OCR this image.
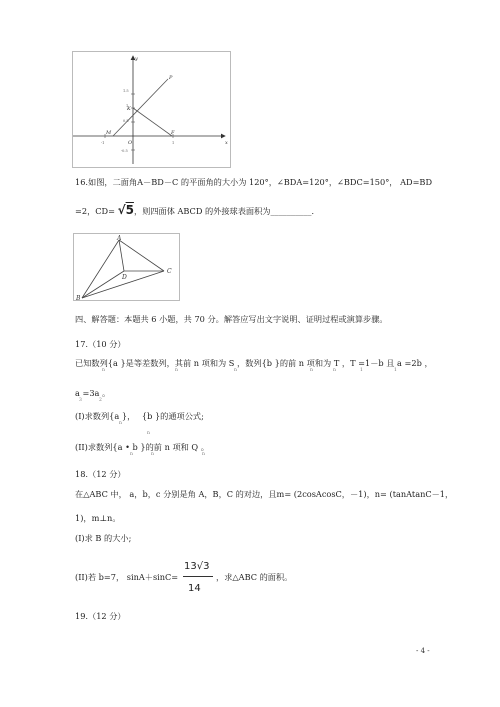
y
x
P
K
M
O
F
1.5
1
0.5
-0.5
-1	1
16.如图，二面角A－BD－C 的平面角的大小为 120°，∠BDA=120°，∠BDC=150°， AD=BD
=2，CD= √5，则四面体 ABCD 的外接球表面积为__________．
A
B
C
D
四、解答题：本题共 6 小题，共 70 分。解答应写出文字说明、证明过程或演算步骤。
17.（10 分）
已知数列{a }是等差数列，其前 n 项和为 S ，数列{b }的前 n 项和为 T ，T =1－b 且 a =2b ，
n	n	n	n	n	1	1
a =3a 。
3	2
(I)求数列{a }， {b }的通项公式;
n
n
(II)求数列{a • b }的前 n 项和 Q 。
n	n	n
18.（12 分）
在△ABC 中， a，b，c 分别是角 A，B，C 的对边，且m= (2cosAcosC，－1)，n= (tanAtanC－1，
1)，m⊥n。
(I)求 B 的大小;
(II)若 b=7， sinA＋sinC=
13√3
14
，求△ABC 的面积。
19.（12 分）
- 4 -
